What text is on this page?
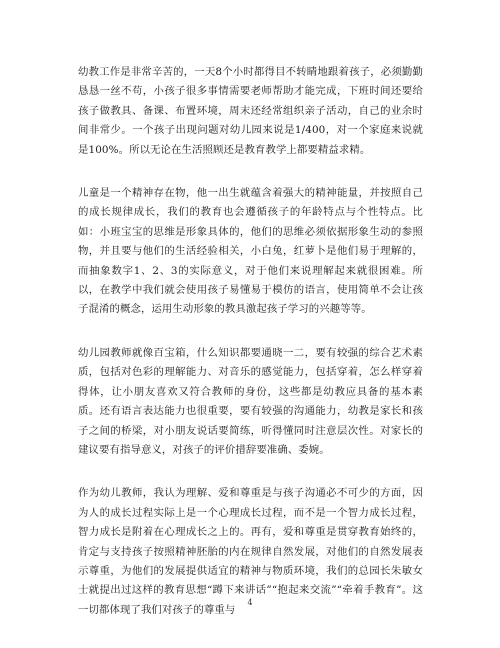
幼教工作是非常辛苦的，一天8个小时都得目不转睛地跟着孩子，必须勤勤恳恳一丝不苟，小孩子很多事情需要老师帮助才能完成，下班时间还要给孩子做教具、备课、布置环境，周末还经常组织亲子活动，自己的业余时间非常少。一个孩子出现问题对幼儿园来说是1/400，对一个家庭来说就是100%。所以无论在生活照顾还是教育教学上都要精益求精。

儿童是一个精神存在物，他一出生就蕴含着强大的精神能量，并按照自己的成长规律成长，我们的教育也会遵循孩子的年龄特点与个性特点。比如：小班宝宝的思维是形象具体的，他们的思维必须依据形象生动的参照物，并且要与他们的生活经验相关，小白兔，红萝卜是他们易于理解的，而抽象数字1、2、3的实际意义，对于他们来说理解起来就很困难。所以，在教学中我们就会使用孩子易懂易于模仿的语言，使用简单不会让孩子混淆的概念，运用生动形象的教具激起孩子学习的兴趣等等。

幼儿园教师就像百宝箱，什么知识都要通晓一二，要有较强的综合艺术素质，包括对色彩的理解能力、对音乐的感觉能力，包括穿着，怎么样穿着得体，让小朋友喜欢又符合教师的身份，这些都是幼教应具备的基本素质。还有语言表达能力也很重要，要有较强的沟通能力，幼教是家长和孩子之间的桥梁，对小朋友说话要简练，听得懂同时注意层次性。对家长的建议要有指导意义，对孩子的评价措辞要准确、委婉。

作为幼儿教师，我认为理解、爱和尊重是与孩子沟通必不可少的方面，因为人的成长过程实际上是一个心理成长过程，而不是一个智力成长过程，智力成长是附着在心理成长之上的。再有，爱和尊重是贯穿教育始终的，肯定与支持孩子按照精神胚胎的内在规律自然发展，对他们的自然发展表示尊重，为他们的发展提供适宜的精神与物质环境，我们的总园长朱敏女士就提出过这样的教育思想“蹲下来讲话”“抱起来交流”“牵着手教育”。这一切都体现了我们对孩子的尊重与

4
